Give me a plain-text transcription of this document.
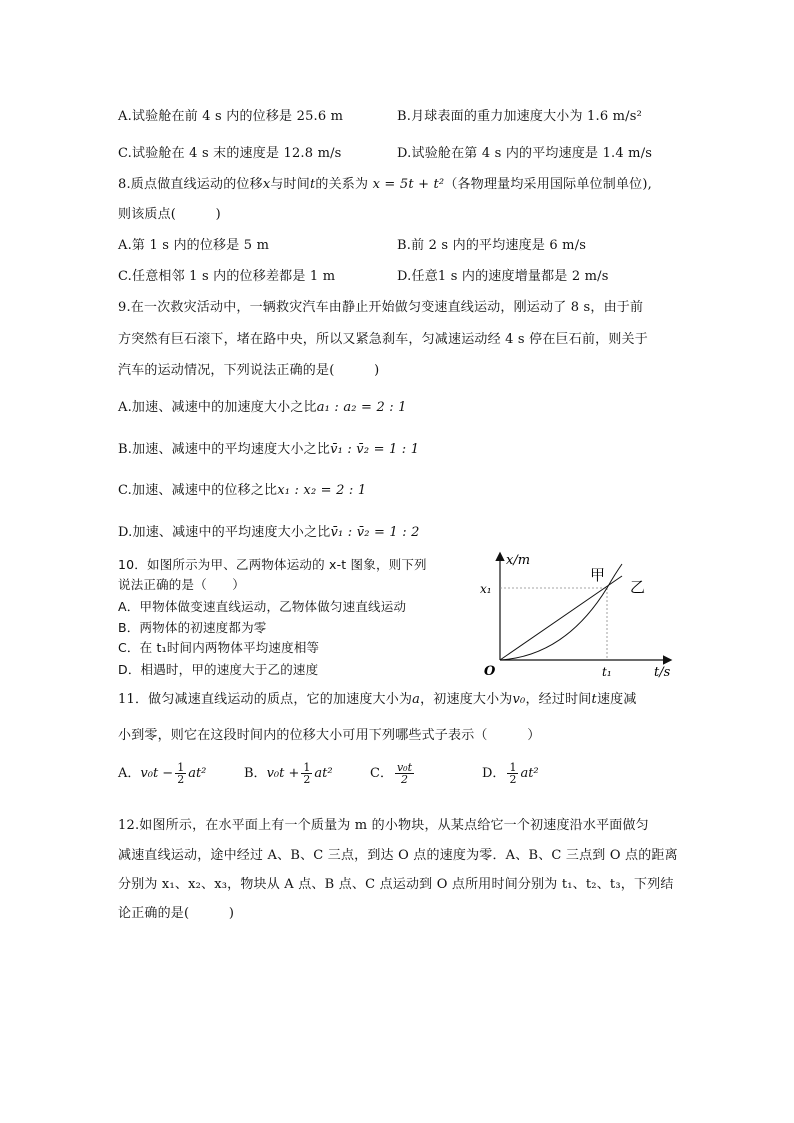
A.试验舱在前 4 s 内的位移是 25.6 m	B.月球表面的重力加速度大小为 1.6 m/s²
C.试验舱在 4 s 末的速度是 12.8 m/s	D.试验舱在第 4 s 内的平均速度是 1.4 m/s
8.质点做直线运动的位移x与时间t的关系为 x = 5t + t²（各物理量均采用国际单位制单位),
则该质点(　　　)
A.第 1 s 内的位移是 5 m	B.前 2 s 内的平均速度是 6 m/s
C.任意相邻 1 s 内的位移差都是 1 m	D.任意1 s 内的速度增量都是 2 m/s
9.在一次救灾活动中，一辆救灾汽车由静止开始做匀变速直线运动，刚运动了 8 s，由于前
方突然有巨石滚下，堵在路中央，所以又紧急刹车，匀减速运动经 4 s 停在巨石前，则关于
汽车的运动情况，下列说法正确的是(　　　)
A.加速、减速中的加速度大小之比a₁ : a₂ = 2 : 1
B.加速、减速中的平均速度大小之比v̄₁ : v̄₂ = 1 : 1
C.加速、减速中的位移之比x₁ : x₂ = 2 : 1
D.加速、减速中的平均速度大小之比v̄₁ : v̄₂ = 1 : 2
10．如图所示为甲、乙两物体运动的 x-t 图象，则下列
说法正确的是（　　）
A．甲物体做变速直线运动，乙物体做匀速直线运动
B．两物体的初速度都为零
C．在 t₁时间内两物体平均速度相等
D．相遇时，甲的速度大于乙的速度
x/m
t/s
O
x₁
t₁
甲
乙
11．做匀减速直线运动的质点，它的加速度大小为a，初速度大小为v₀，经过时间t速度减
小到零，则它在这段时间内的位移大小可用下列哪些式子表示（　　　）
A．$v_0t - \frac{1}{2} at^2$	B．$v_0t + \frac{1}{2} at^2$	C． $\frac{\text{v₀t}}{2}$	D． $\frac{1}{2} at^2$
12.如图所示，在水平面上有一个质量为 m 的小物块，从某点给它一个初速度沿水平面做匀
减速直线运动，途中经过 A、B、C 三点，到达 O 点的速度为零．A、B、C 三点到 O 点的距离
分别为 x₁、x₂、x₃，物块从 A 点、B 点、C 点运动到 O 点所用时间分别为 t₁、t₂、t₃，下列结
论正确的是(　　　)
